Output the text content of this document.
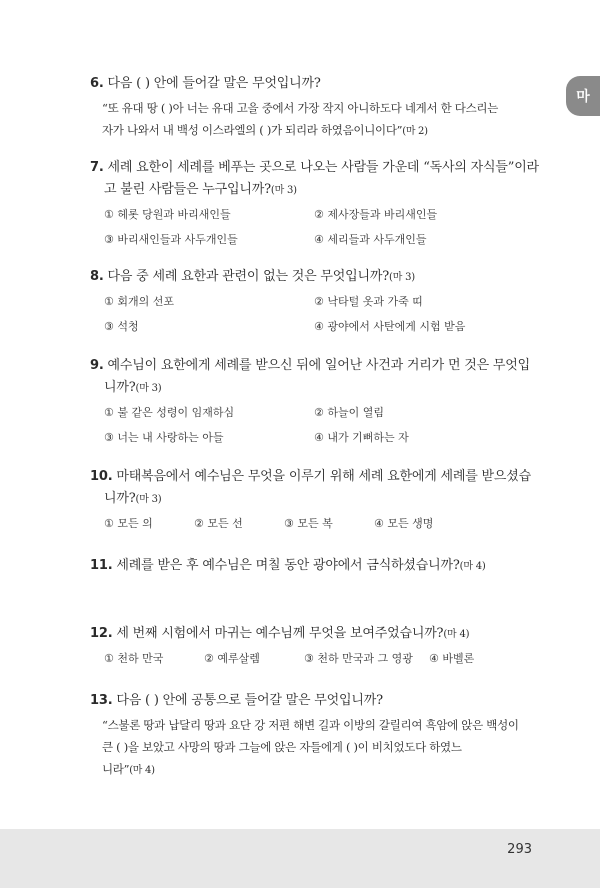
마
6. 다음 ( ) 안에 들어갈 말은 무엇입니까?
“또 유대 땅 ( )아 너는 유대 고을 중에서 가장 작지 아니하도다 네게서 한 다스리는
자가 나와서 내 백성 이스라엘의 ( )가 되리라 하였음이니이다”(마 2)
7. 세례 요한이 세례를 베푸는 곳으로 나오는 사람들 가운데 “독사의 자식들”이라
고 불린 사람들은 누구입니까?(마 3)
① 헤롯 당원과 바리새인들	② 제사장들과 바리새인들
③ 바리새인들과 사두개인들	④ 세리들과 사두개인들
8. 다음 중 세례 요한과 관련이 없는 것은 무엇입니까?(마 3)
① 회개의 선포	② 낙타털 옷과 가죽 띠
③ 석청	④ 광야에서 사탄에게 시험 받음
9. 예수님이 요한에게 세례를 받으신 뒤에 일어난 사건과 거리가 먼 것은 무엇입
니까?(마 3)
① 불 같은 성령이 임재하심	② 하늘이 열림
③ 너는 내 사랑하는 아들	④ 내가 기뻐하는 자
10. 마태복음에서 예수님은 무엇을 이루기 위해 세례 요한에게 세례를 받으셨습
니까?(마 3)
① 모든 의	② 모든 선	③ 모든 복	④ 모든 생명
11. 세례를 받은 후 예수님은 며칠 동안 광야에서 금식하셨습니까?(마 4)
12. 세 번째 시험에서 마귀는 예수님께 무엇을 보여주었습니까?(마 4)
① 천하 만국	② 예루살렘	③ 천하 만국과 그 영광	④ 바벨론
13. 다음 ( ) 안에 공통으로 들어갈 말은 무엇입니까?
“스불론 땅과 납달리 땅과 요단 강 저편 해변 길과 이방의 갈릴리여 흑암에 앉은 백성이
큰 ( )을 보았고 사망의 땅과 그늘에 앉은 자들에게 ( )이 비치었도다 하였느
니라”(마 4)
293
